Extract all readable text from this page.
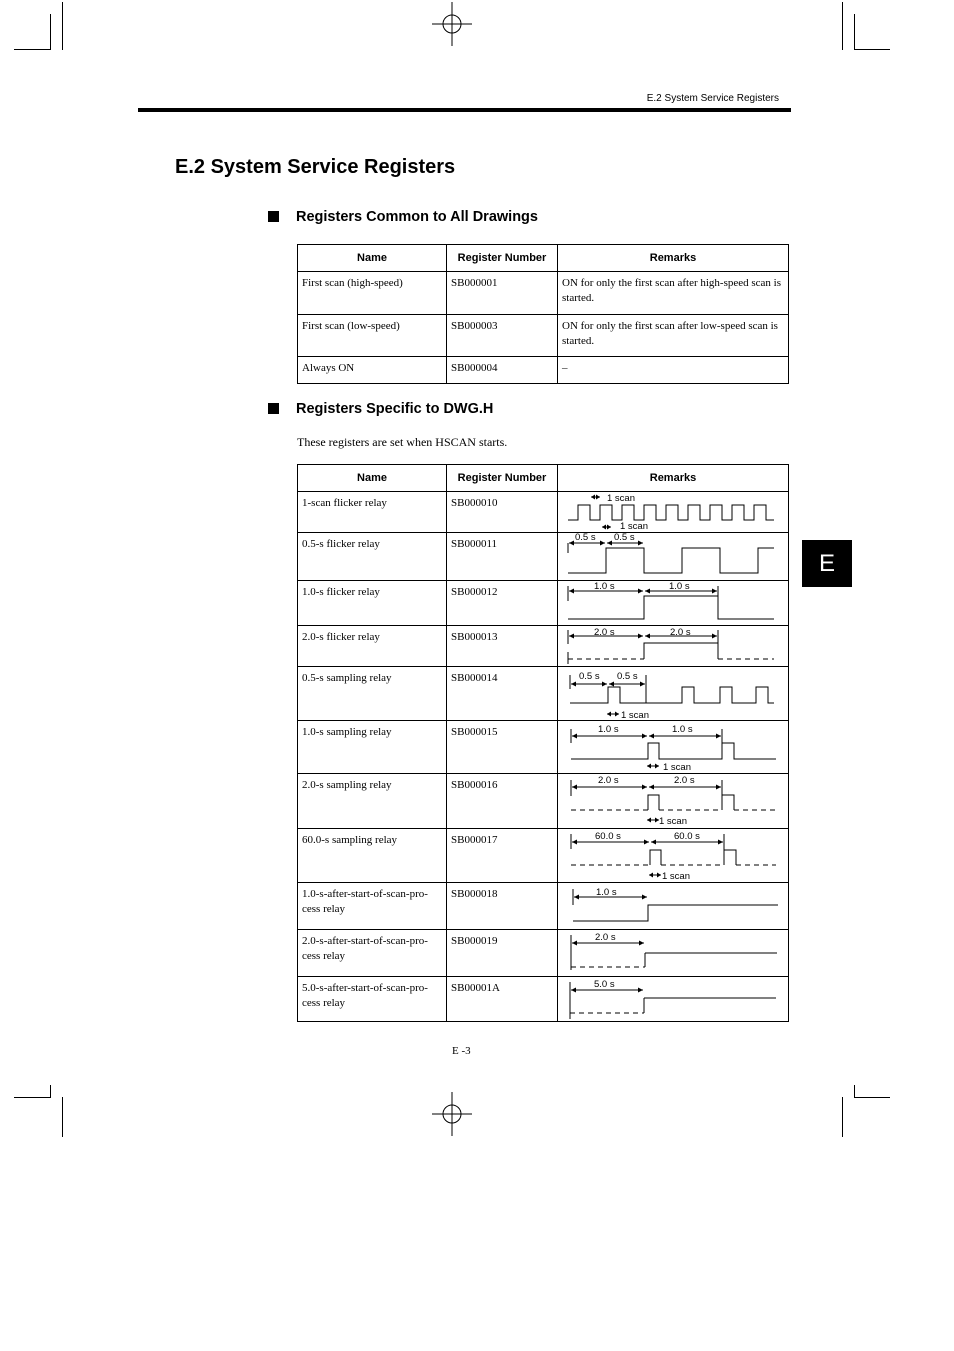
E.2 System Service Registers
E.2 System Service Registers
Registers Common to All Drawings
Name	Register Number	Remarks
First scan (high-speed)	SB000001	ON for only the first scan after high-speed scan is started.
First scan (low-speed)	SB000003	ON for only the first scan after low-speed scan is started.
Always ON	SB000004	–
Registers Specific to DWG.H
These registers are set when HSCAN starts.
Name	Register Number	Remarks
1-scan flicker relay	SB000010	1 scan
1 scan

0.5-s flicker relay	SB000011	0.5 s 0.5 s

1.0-s flicker relay	SB000012	1.0 s 1.0 s

2.0-s flicker relay	SB000013	2.0 s 2.0 s

0.5-s sampling relay	SB000014	0.5 s 0.5 s
1 scan

1.0-s sampling relay	SB000015	1.0 s 1.0 s
1 scan

2.0-s sampling relay	SB000016	2.0 s 2.0 s
1 scan

60.0-s sampling relay	SB000017	60.0 s 60.0 s
1 scan

1.0-s-after-start-of-scan-pro-cess relay	SB000018	1.0 s

2.0-s-after-start-of-scan-pro-cess relay	SB000019	2.0 s

5.0-s-after-start-of-scan-pro-cess relay	SB00001A	5.0 s
E
E -3
